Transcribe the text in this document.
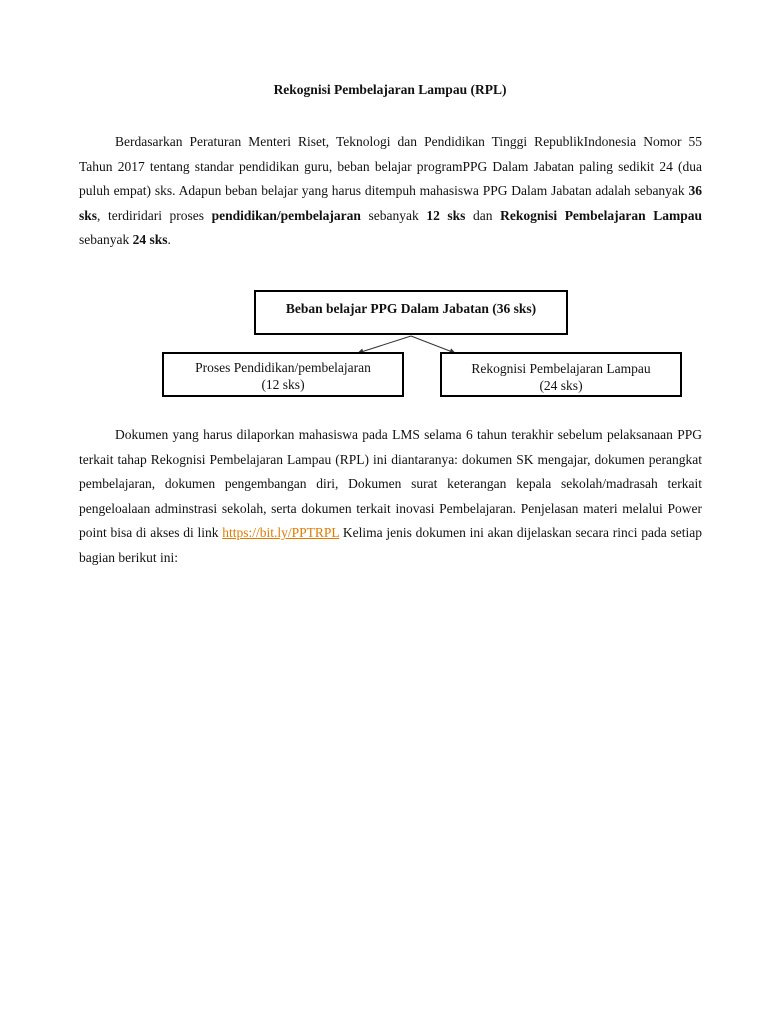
Rekognisi Pembelajaran Lampau (RPL)

Berdasarkan Peraturan Menteri Riset, Teknologi dan Pendidikan Tinggi RepublikIndonesia Nomor 55 Tahun 2017 tentang standar pendidikan guru, beban belajar programPPG Dalam Jabatan paling sedikit 24 (dua puluh empat) sks. Adapun beban belajar yang harus ditempuh mahasiswa PPG Dalam Jabatan adalah sebanyak 36 sks, terdiridari proses pendidikan/pembelajaran sebanyak 12 sks dan Rekognisi Pembelajaran Lampau sebanyak 24 sks.

Beban belajar PPG Dalam Jabatan (36 sks)
Proses Pendidikan/pembelajaran
(12 sks)
Rekognisi Pembelajaran Lampau
(24 sks)

Dokumen yang harus dilaporkan mahasiswa pada LMS selama 6 tahun terakhir sebelum pelaksanaan PPG terkait tahap Rekognisi Pembelajaran Lampau (RPL) ini diantaranya: dokumen SK mengajar, dokumen perangkat pembelajaran, dokumen pengembangan diri, Dokumen surat keterangan kepala sekolah/madrasah terkait pengeloalaan adminstrasi sekolah, serta dokumen terkait inovasi Pembelajaran. Penjelasan materi melalui Power point bisa di akses di link https://bit.ly/PPTRPL Kelima jenis dokumen ini akan dijelaskan secara rinci pada setiap bagian berikut ini:
